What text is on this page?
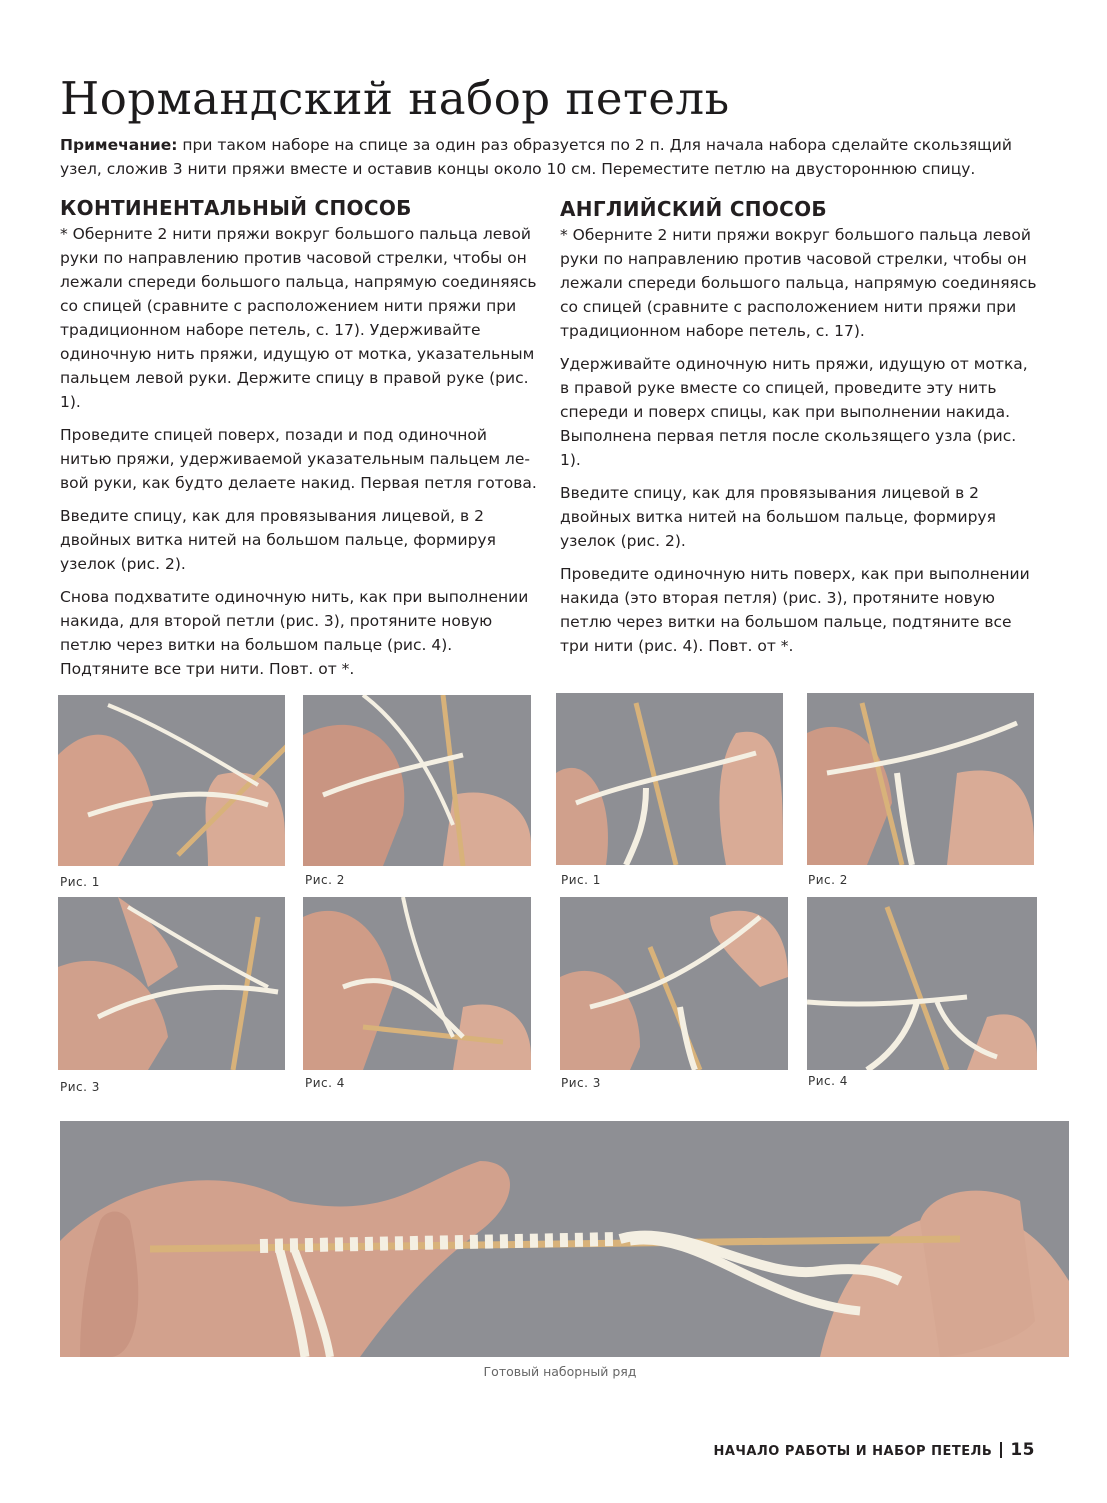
Нормандский набор петель

Примечание: при таком наборе на спице за один раз образуется по 2 п. Для начала набора сделайте скользящий узел, сложив 3 нити пряжи вместе и оставив концы около 10 см. Переместите петлю на двустороннюю спицу.

КОНТИНЕНТАЛЬНЫЙ СПОСОБ

* Оберните 2 нити пряжи вокруг большого пальца левой руки по направлению против часовой стрелки, чтобы он лежали спереди большого пальца, напрямую соединяясь со спицей (сравните с расположением нити пряжи при традиционном наборе петель, с. 17). Удерживайте одиночную нить пряжи, идущую от мотка, указательным пальцем левой руки. Держите спицу в правой руке (рис. 1).

Проведите спицей поверх, позади и под одиночной нитью пряжи, удерживаемой указательным пальцем левой руки, как будто делаете накид. Первая петля готова.

Введите спицу, как для провязывания лицевой, в 2 двойных витка нитей на большом пальце, формируя узелок (рис. 2).

Снова подхватите одиночную нить, как при выполнении накида, для второй петли (рис. 3), протяните новую петлю через витки на большом пальце (рис. 4). Подтяните все три нити. Повт. от *.

АНГЛИЙСКИЙ СПОСОБ

* Оберните 2 нити пряжи вокруг большого пальца левой руки по направлению против часовой стрелки, чтобы он лежали спереди большого пальца, напрямую соединяясь со спицей (сравните с расположением нити пряжи при традиционном наборе петель, с. 17).

Удерживайте одиночную нить пряжи, идущую от мотка, в правой руке вместе со спицей, проведите эту нить спереди и поверх спицы, как при выполнении накида. Выполнена первая петля после скользящего узла (рис. 1).

Введите спицу, как для провязывания лицевой в 2 двойных витка нитей на большом пальце, формируя узелок (рис. 2).

Проведите одиночную нить поверх, как при выполнении накида (это вторая петля) (рис. 3), протяните новую петлю через витки на большом пальце, подтяните все три нити (рис. 4). Повт. от *.

Рис. 1	Рис. 2
Рис. 3	Рис. 4
Рис. 1	Рис. 2
Рис. 3	Рис. 4
Готовый наборный ряд
НАЧАЛО РАБОТЫ И НАБОР ПЕТЕЛЬ 15
